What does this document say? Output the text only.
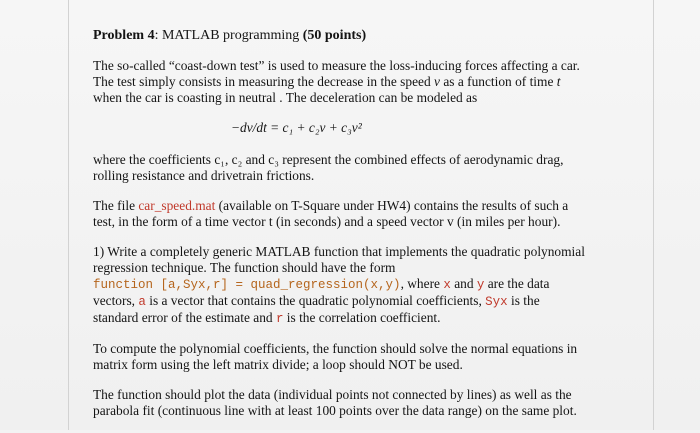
Problem 4: MATLAB programming (50 points)

The so-called “coast-down test” is used to measure the loss-inducing forces affecting a car.

The test simply consists in measuring the decrease in the speed v as a function of time t

when the car is coasting in neutral . The deceleration can be modeled as

−dv/dt = c₁ + c₂v + c₃v²

where the coefficients c₁, c₂ and c₃ represent the combined effects of aerodynamic drag,

rolling resistance and drivetrain frictions.

The file car_speed.mat (available on T-Square under HW4) contains the results of such a

test, in the form of a time vector t (in seconds) and a speed vector v (in miles per hour).

1) Write a completely generic MATLAB function that implements the quadratic polynomial

regression technique. The function should have the form

function [a,Syx,r] = quad_regression(x,y), where x and y are the data

vectors, a is a vector that contains the quadratic polynomial coefficients, Syx is the

standard error of the estimate and r is the correlation coefficient.

To compute the polynomial coefficients, the function should solve the normal equations in

matrix form using the left matrix divide; a loop should NOT be used.

The function should plot the data (individual points not connected by lines) as well as the

parabola fit (continuous line with at least 100 points over the data range) on the same plot.
